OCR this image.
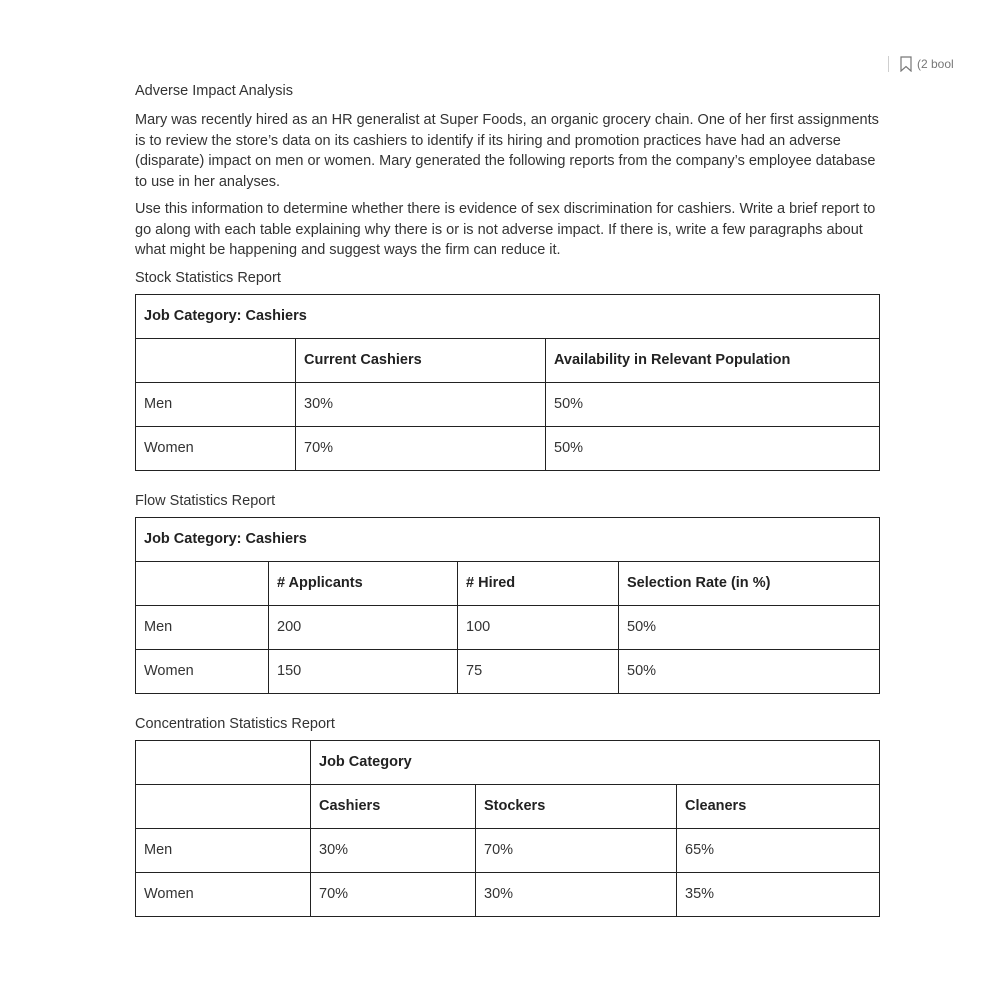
(2 bool
Adverse Impact Analysis

Mary was recently hired as an HR generalist at Super Foods, an organic grocery chain. One of her first assignments is to review the store’s data on its cashiers to identify if its hiring and promotion practices have had an adverse (disparate) impact on men or women. Mary generated the following reports from the company’s employee database to use in her analyses.

Use this information to determine whether there is evidence of sex discrimination for cashiers. Write a brief report to go along with each table explaining why there is or is not adverse impact. If there is, write a few paragraphs about what might be happening and suggest ways the firm can reduce it.

Stock Statistics Report
Job Category: Cashiers		
	Current Cashiers	Availability in Relevant Population
Men	30%	50%
Women	70%	50%
Flow Statistics Report
Job Category: Cashiers			
	# Applicants	# Hired	Selection Rate (in %)
Men	200	100	50%
Women	150	75	50%
Concentration Statistics Report
	Job Category		
	Cashiers	Stockers	Cleaners
Men	30%	70%	65%
Women	70%	30%	35%
